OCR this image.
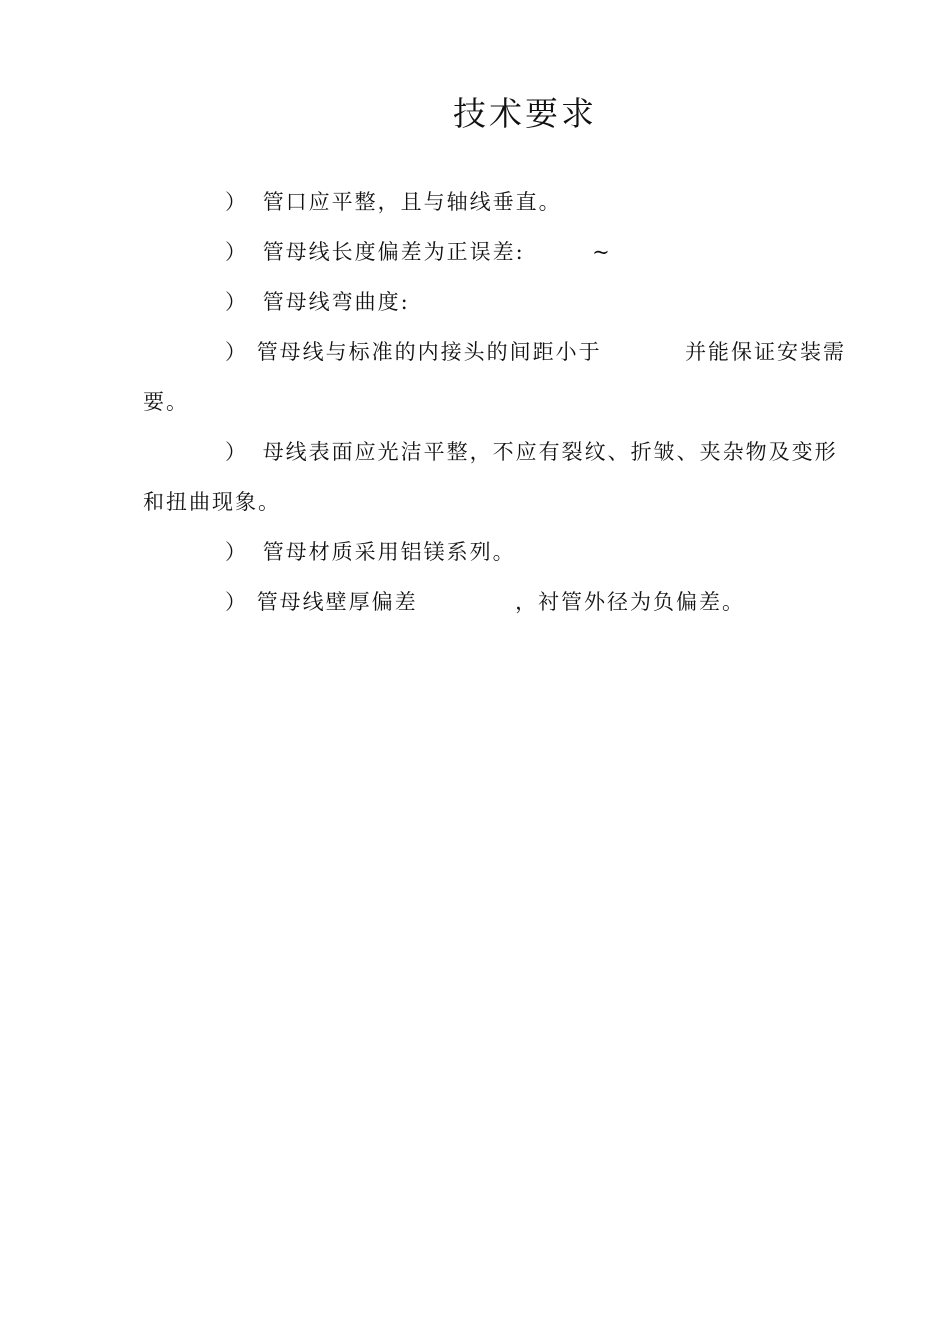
技术要求
） 管口应平整，且与轴线垂直。
） 管母线长度偏差为正误差:	~
） 管母线弯曲度:
） 管母线与标准的内接头的间距小于	并能保证安装需
要。
） 母线表面应光洁平整，不应有裂纹、折皱、夹杂物及变形
和扭曲现象。
） 管母材质采用铝镁系列。
） 管母线壁厚偏差	，衬管外径为负偏差。
